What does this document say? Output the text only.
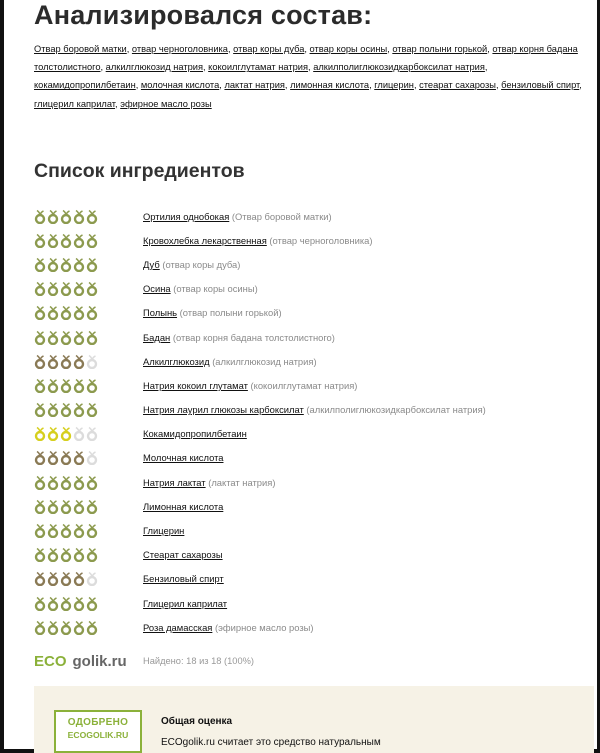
Анализировался состав:
Отвар боровой матки, отвар черноголовника, отвар коры дуба, отвар коры осины, отвар полыни горькой, отвар корня бадана толстолистного, алкилглюкозид натрия, кокоилглутамат натрия, алкилполиглюкозидкарбоксилат натрия, кокамидопропилбетаин, молочная кислота, лактат натрия, лимонная кислота, глицерин, стеарат сахарозы, бензиловый спирт, глицерил каприлат, эфирное масло розы
Список ингредиентов
Ортилия однобокая (Отвар боровой матки)
Кровохлебка лекарственная (отвар черноголовника)
Дуб (отвар коры дуба)
Осина (отвар коры осины)
Полынь (отвар полыни горькой)
Бадан (отвар корня бадана толстолистного)
Алкилглюкозид (алкилглюкозид натрия)
Натрия кокоил глутамат (кокоилглутамат натрия)
Натрия лаурил глюкозы карбоксилат (алкилполиглюкозидкарбоксилат натрия)
Кокамидопропилбетаин
Молочная кислота
Натрия лактат (лактат натрия)
Лимонная кислота
Глицерин
Стеарат сахарозы
Бензиловый спирт
Глицерил каприлат
Роза дамасская (эфирное масло розы)
ECO golik.ru Найдено: 18 из 18 (100%)
ОДОБРЕНО
ECOGOLIK.RU
Общая оценка
ECOgolik.ru считает это средство натуральным
